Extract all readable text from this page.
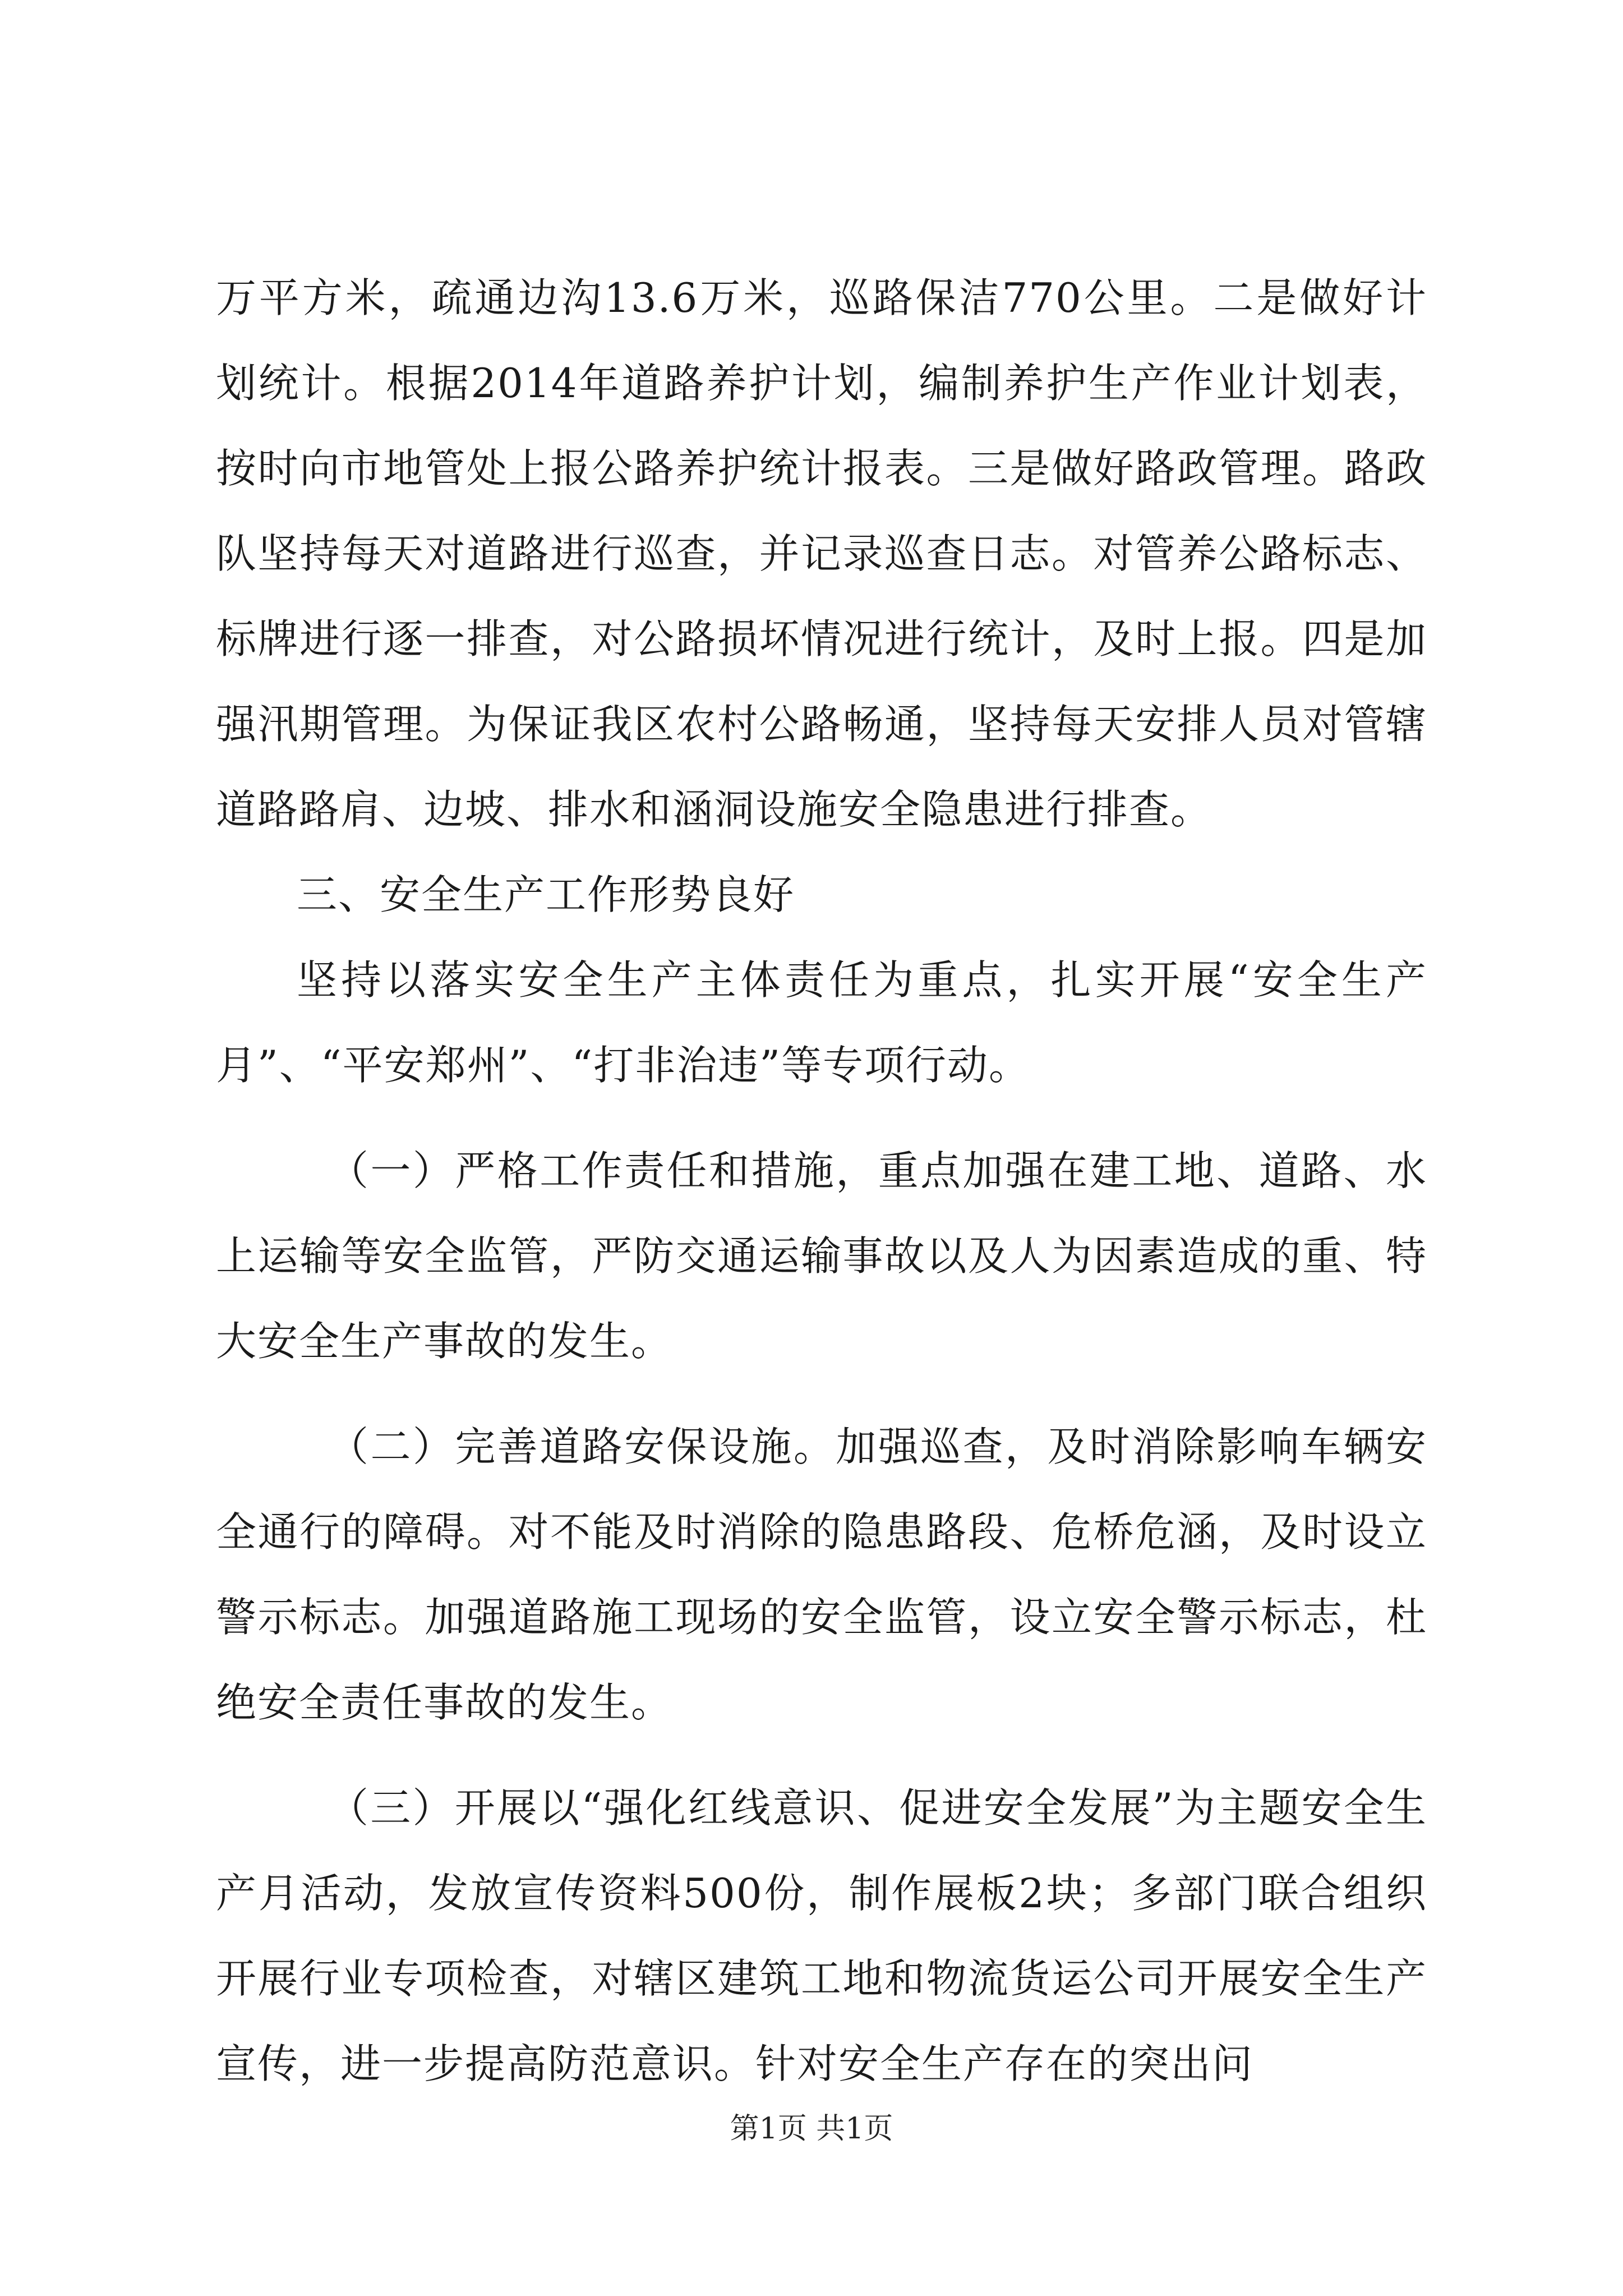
万平方米，疏通边沟13.6万米，巡路保洁770公里。二是做好计划统计。根据2014年道路养护计划，编制养护生产作业计划表，按时向市地管处上报公路养护统计报表。三是做好路政管理。路政队坚持每天对道路进行巡查，并记录巡查日志。对管养公路标志、标牌进行逐一排查，对公路损坏情况进行统计，及时上报。四是加强汛期管理。为保证我区农村公路畅通，坚持每天安排人员对管辖道路路肩、边坡、排水和涵洞设施安全隐患进行排查。

三、安全生产工作形势良好

坚持以落实安全生产主体责任为重点，扎实开展“安全生产月”、“平安郑州”、“打非治违”等专项行动。

（一）严格工作责任和措施，重点加强在建工地、道路、水上运输等安全监管，严防交通运输事故以及人为因素造成的重、特大安全生产事故的发生。

（二）完善道路安保设施。加强巡查，及时消除影响车辆安全通行的障碍。对不能及时消除的隐患路段、危桥危涵，及时设立警示标志。加强道路施工现场的安全监管，设立安全警示标志，杜绝安全责任事故的发生。

（三）开展以“强化红线意识、促进安全发展”为主题安全生产月活动，发放宣传资料500份，制作展板2块；多部门联合组织开展行业专项检查，对辖区建筑工地和物流货运公司开展安全生产宣传，进一步提高防范意识。针对安全生产存在的突出问

第1页 共1页
